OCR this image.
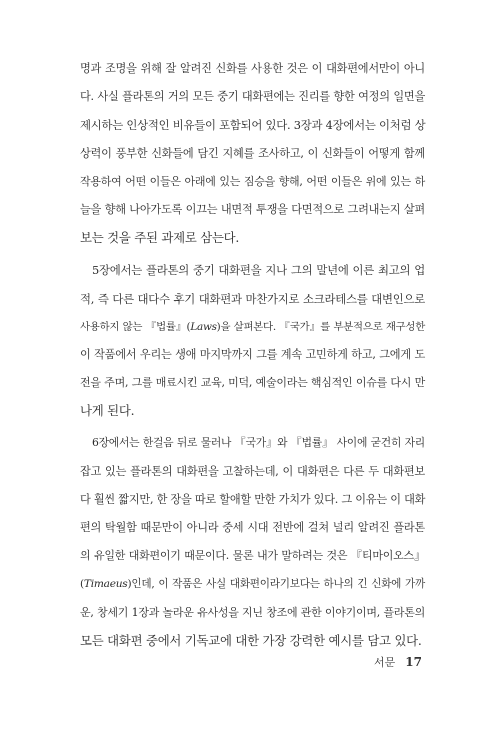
명과 조명을 위해 잘 알려진 신화를 사용한 것은 이 대화편에서만이 아니
다. 사실 플라톤의 거의 모든 중기 대화편에는 진리를 향한 여정의 일면을
제시하는 인상적인 비유들이 포함되어 있다. 3장과 4장에서는 이처럼 상
상력이 풍부한 신화들에 담긴 지혜를 조사하고, 이 신화들이 어떻게 함께
작용하여 어떤 이들은 아래에 있는 짐승을 향해, 어떤 이들은 위에 있는 하
늘을 향해 나아가도록 이끄는 내면적 투쟁을 다면적으로 그려내는지 살펴
보는 것을 주된 과제로 삼는다.
5장에서는 플라톤의 중기 대화편을 지나 그의 말년에 이른 최고의 업
적, 즉 다른 대다수 후기 대화편과 마찬가지로 소크라테스를 대변인으로
사용하지 않는 『법률』(Laws)을 살펴본다. 『국가』를 부분적으로 재구성한
이 작품에서 우리는 생애 마지막까지 그를 계속 고민하게 하고, 그에게 도
전을 주며, 그를 매료시킨 교육, 미덕, 예술이라는 핵심적인 이슈를 다시 만
나게 된다.
6장에서는 한걸음 뒤로 물러나 『국가』와 『법률』 사이에 굳건히 자리
잡고 있는 플라톤의 대화편을 고찰하는데, 이 대화편은 다른 두 대화편보
다 훨씬 짧지만, 한 장을 따로 할애할 만한 가치가 있다. 그 이유는 이 대화
편의 탁월함 때문만이 아니라 중세 시대 전반에 걸쳐 널리 알려진 플라톤
의 유일한 대화편이기 때문이다. 물론 내가 말하려는 것은 『티마이오스』
(Timaeus)인데, 이 작품은 사실 대화편이라기보다는 하나의 긴 신화에 가까
운, 창세기 1장과 놀라운 유사성을 지닌 창조에 관한 이야기이며, 플라톤의
모든 대화편 중에서 기독교에 대한 가장 강력한 예시를 담고 있다.
서문 17
